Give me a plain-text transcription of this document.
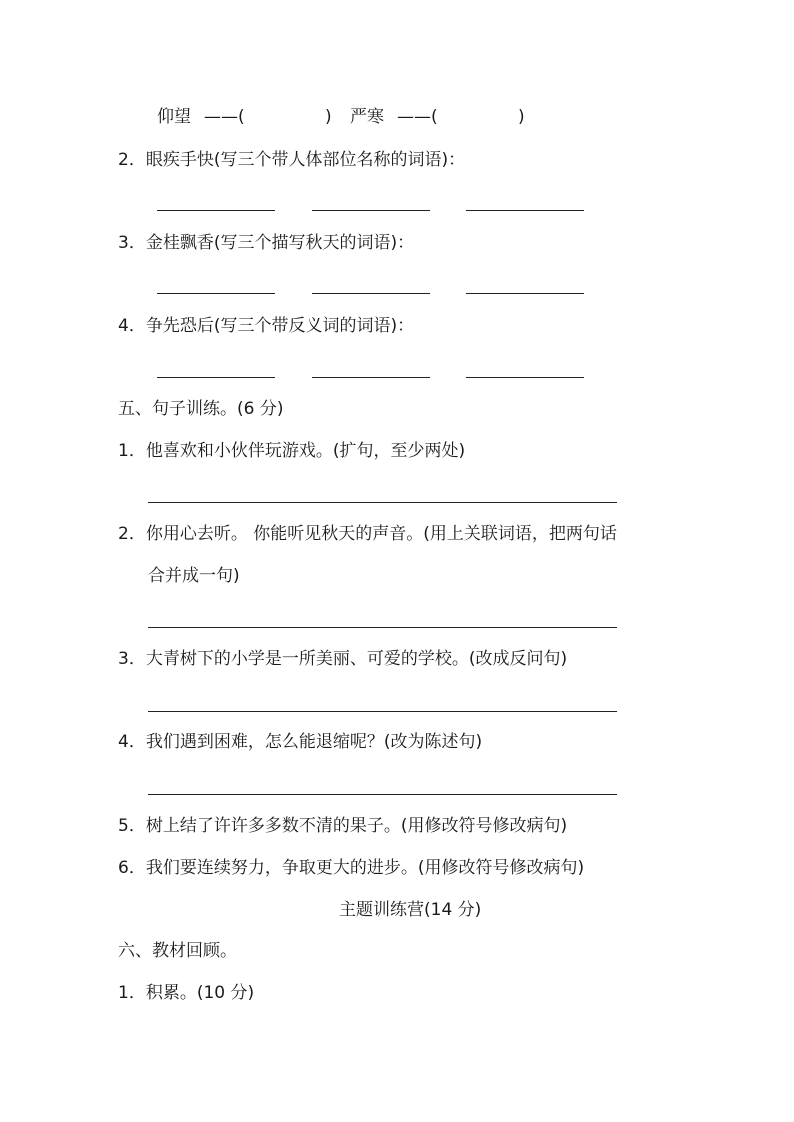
仰望 ——(	) 严寒 ——(	)
2．眼疾手快(写三个带人体部位名称的词语)：
3．金桂飘香(写三个描写秋天的词语)：
4．争先恐后(写三个带反义词的词语)：
五、句子训练。(6 分)
1．他喜欢和小伙伴玩游戏。(扩句，至少两处)
2．你用心去听。 你能听见秋天的声音。(用上关联词语，把两句话
合并成一句)
3．大青树下的小学是一所美丽、可爱的学校。(改成反问句)
4．我们遇到困难，怎么能退缩呢？(改为陈述句)
5．树上结了许许多多数不清的果子。(用修改符号修改病句)
6．我们要连续努力，争取更大的进步。(用修改符号修改病句)
主题训练营(14 分)
六、教材回顾。
1．积累。(10 分)
